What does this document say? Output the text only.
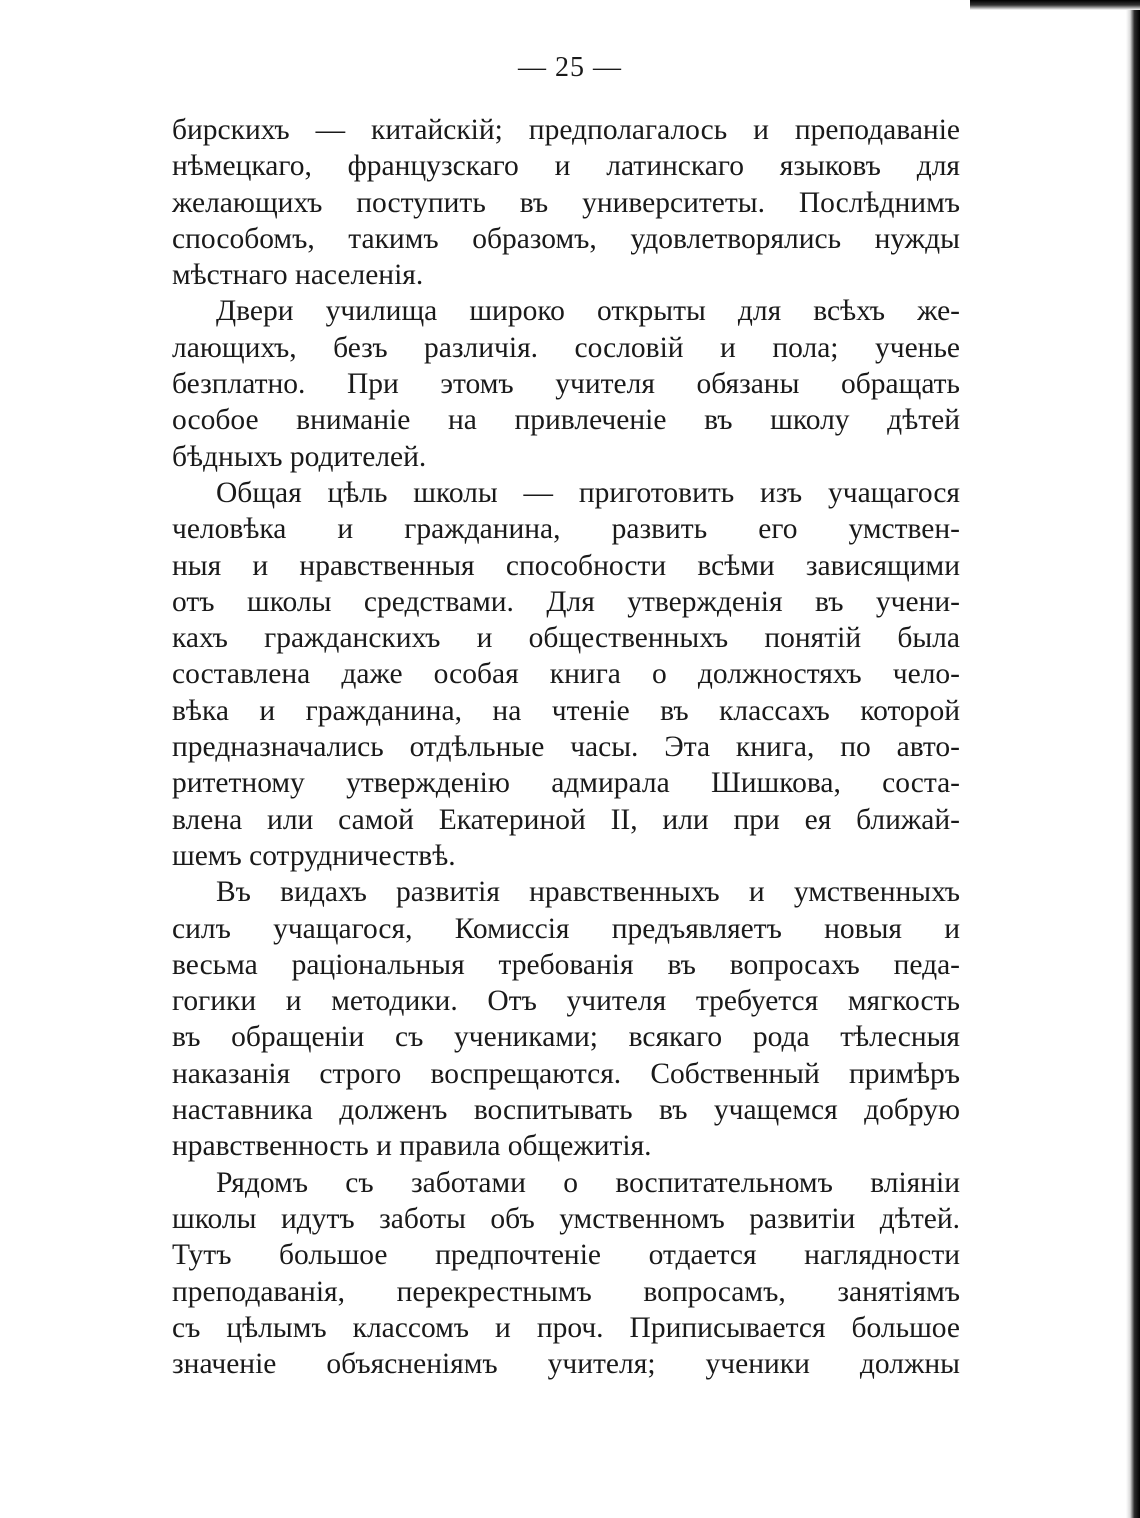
— 25 —
бирскихъ — китайскій; предполагалось и преподаваніе
нѣмецкаго, французскаго и латинскаго языковъ для
желающихъ поступить въ университеты. Послѣднимъ
способомъ, такимъ образомъ, удовлетворялись нужды
мѣстнаго населенія.
Двери училища широко открыты для всѣхъ же-
лающихъ, безъ различія. сословій и пола; ученье
безплатно. При этомъ учителя обязаны обращать
особое вниманіе на привлеченіе въ школу дѣтей
бѣдныхъ родителей.
Общая цѣль школы — приготовить изъ учащагося
человѣка и гражданина, развить его умствен-
ныя и нравственныя способности всѣми зависящими
отъ школы средствами. Для утвержденія въ учени-
кахъ гражданскихъ и общественныхъ понятій была
составлена даже особая книга о должностяхъ чело-
вѣка и гражданина, на чтеніе въ классахъ которой
предназначались отдѣльные часы. Эта книга, по авто-
ритетному утвержденію адмирала Шишкова, соста-
влена или самой Екатериной II, или при ея ближай-
шемъ сотрудничествѣ.
Въ видахъ развитія нравственныхъ и умственныхъ
силъ учащагося, Комиссія предъявляетъ новыя и
весьма раціональныя требованія въ вопросахъ педа-
гогики и методики. Отъ учителя требуется мягкость
въ обращеніи съ учениками; всякаго рода тѣлесныя
наказанія строго воспрещаются. Собственный примѣръ
наставника долженъ воспитывать въ учащемся добрую
нравственность и правила общежитія.
Рядомъ съ заботами о воспитательномъ вліяніи
школы идутъ заботы объ умственномъ развитіи дѣтей.
Тутъ большое предпочтеніе отдается наглядности
преподаванія, перекрестнымъ вопросамъ, занятіямъ
съ цѣлымъ классомъ и проч. Приписывается большое
значеніе объясненіямъ учителя; ученики должны
